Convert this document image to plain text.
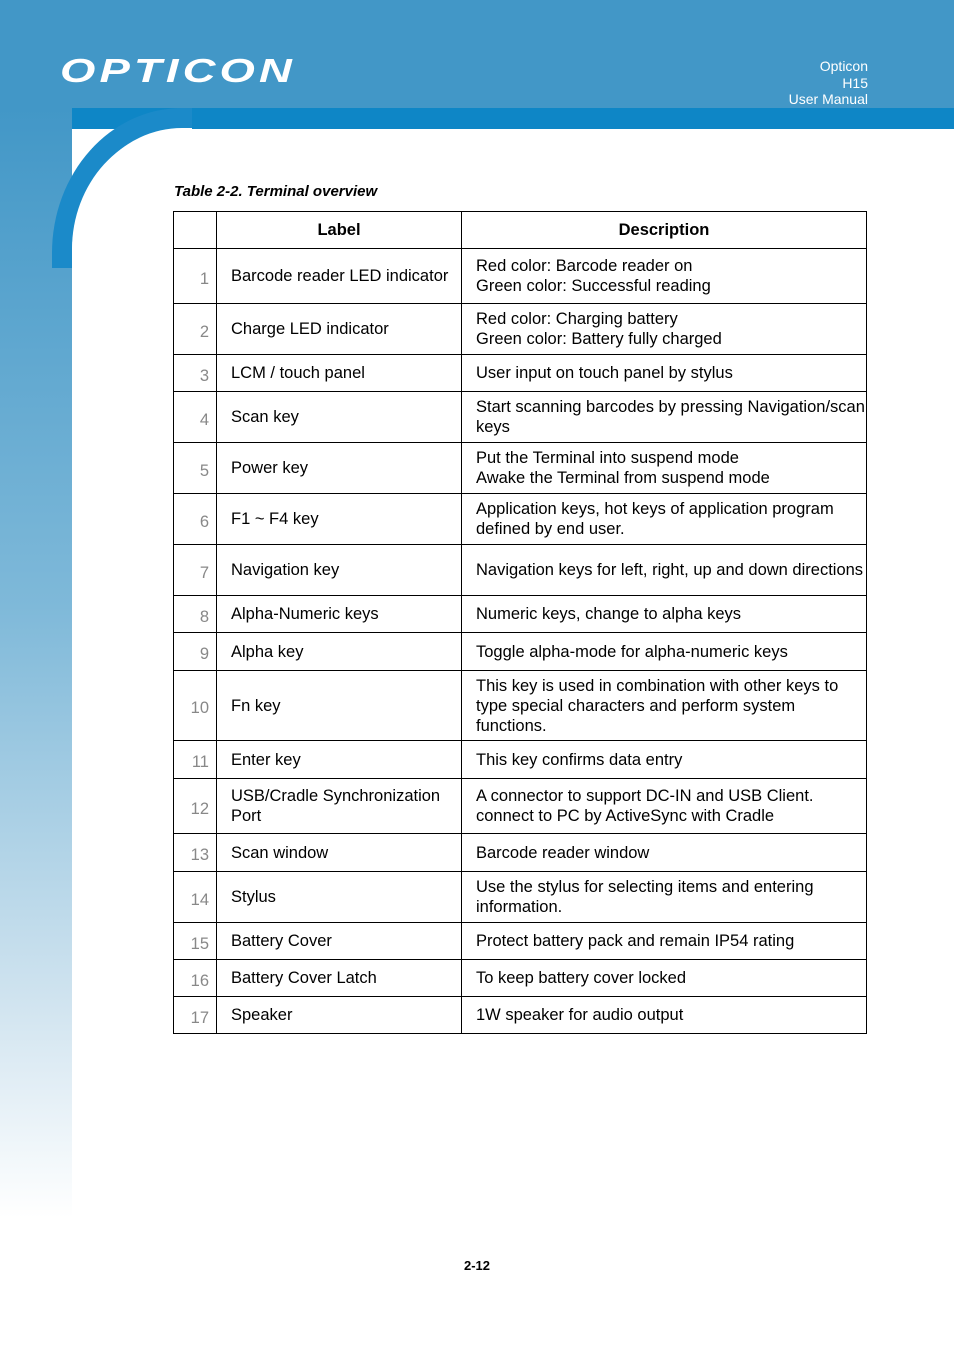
OPTICON	Opticon
H15
User Manual
Table 2-2. Terminal overview
	Label	Description
1	Barcode reader LED indicator	Red color: Barcode reader on
Green color: Successful reading
2	Charge LED indicator	Red color: Charging battery
Green color: Battery fully charged
3	LCM / touch panel	User input on touch panel by stylus
4	Scan key	Start scanning barcodes by pressing Navigation/scan keys
5	Power key	Put the Terminal into suspend mode
Awake the Terminal from suspend mode
6	F1 ~ F4 key	Application keys, hot keys of application program defined by end user.
7	Navigation key	Navigation keys for left, right, up and down directions
8	Alpha-Numeric keys	Numeric keys, change to alpha keys
9	Alpha key	Toggle alpha-mode for alpha-numeric keys
10	Fn key	This key is used in combination with other keys to type special characters and perform system functions.
11	Enter key	This key confirms data entry
12	USB/Cradle Synchronization Port	A connector to support DC-IN and USB Client.
connect to PC by ActiveSync with Cradle
13	Scan window	Barcode reader window
14	Stylus	Use the stylus for selecting items and entering information.
15	Battery Cover	Protect battery pack and remain IP54 rating
16	Battery Cover Latch	To keep battery cover locked
17	Speaker	1W speaker for audio output
2-12
